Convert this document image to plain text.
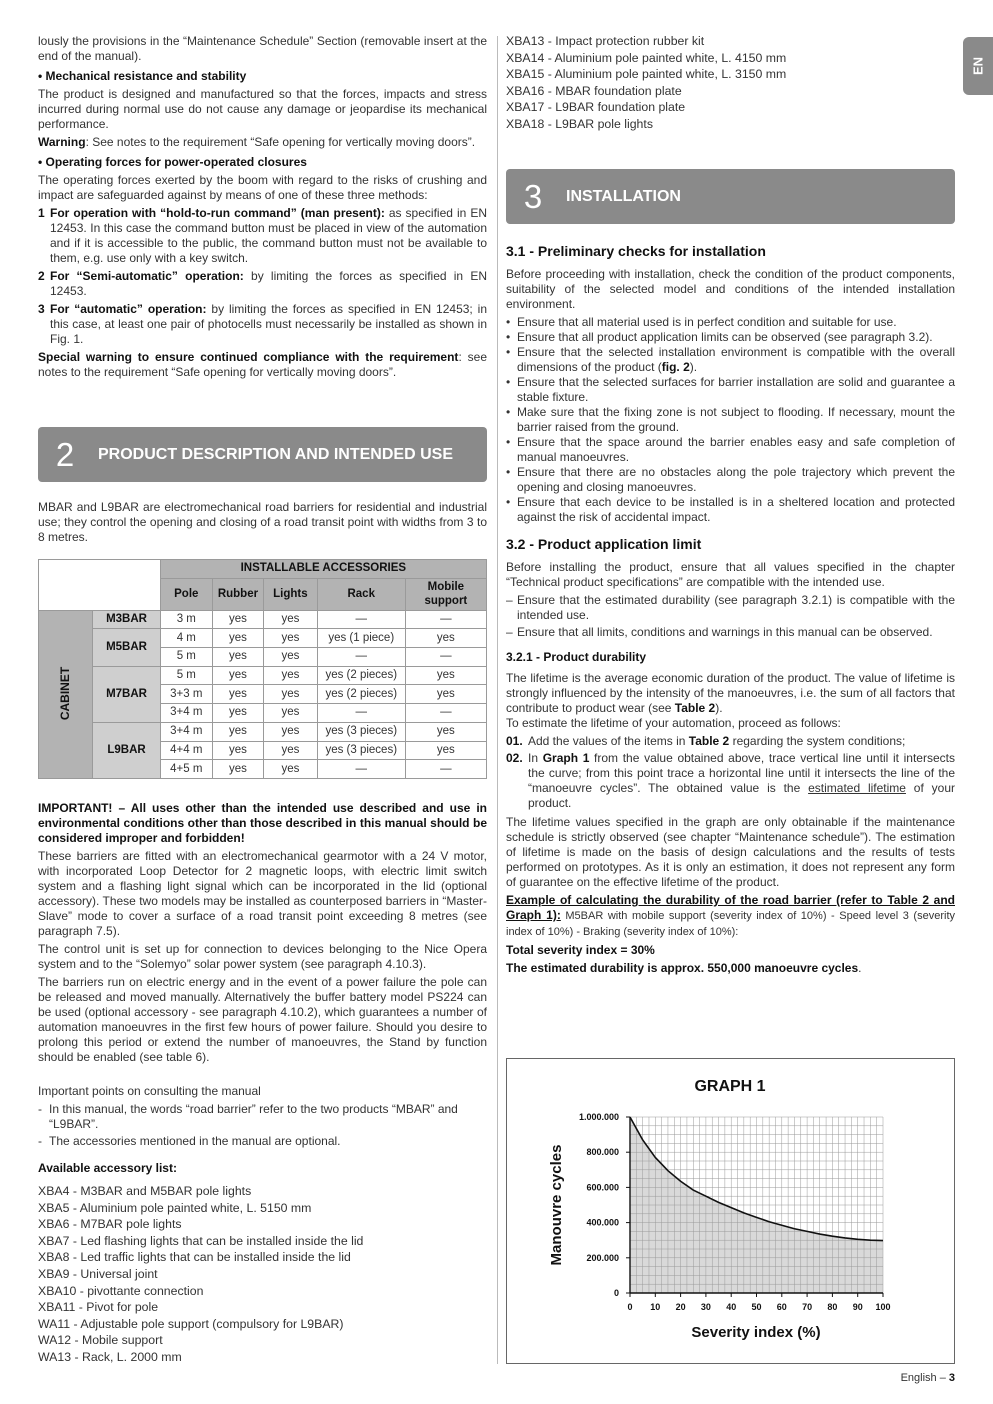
EN

lously the provisions in the “Maintenance Schedule” Section (removable insert at the end of the manual).

• Mechanical resistance and stability

The product is designed and manufactured so that the forces, impacts and stress incurred during normal use do not cause any damage or jeopardise its mechanical performance.

Warning: See notes to the requirement “Safe opening for vertically moving doors”.

• Operating forces for power-operated closures

The operating forces exerted by the boom with regard to the risks of crushing and impact are safeguarded against by means of one of these three methods:

1 For operation with “hold-to-run command” (man present): as specified in EN 12453. In this case the command button must be placed in view of the automation and if it is accessible to the public, the command button must not be available to them, e.g. use only with a key switch.
2 For “Semi-automatic” operation: by limiting the forces as specified in EN 12453.
3 For “automatic” operation: by limiting the forces as specified in EN 12453; in this case, at least one pair of photocells must necessarily be installed as shown in Fig. 1.

Special warning to ensure continued compliance with the requirement: see notes to the requirement “Safe opening for vertically moving doors”.

2	PRODUCT DESCRIPTION AND INTENDED USE

MBAR and L9BAR are electromechanical road barriers for residential and industrial use; they control the opening and closing of a road transit point with widths from 3 to 8 metres.

		INSTALLABLE ACCESSORIES				
		Pole	Rubber	Lights	Rack	Mobile support
CABINET	M3BAR	3 m	yes	yes	—	—
	M5BAR	4 m	yes	yes	yes (1 piece)	yes
		5 m	yes	yes	—	—
	M7BAR	5 m	yes	yes	yes (2 pieces)	yes
		3+3 m	yes	yes	yes (2 pieces)	yes
		3+4 m	yes	yes	—	—
	L9BAR	3+4 m	yes	yes	yes (3 pieces)	yes
		4+4 m	yes	yes	yes (3 pieces)	yes
		4+5 m	yes	yes	—	—

IMPORTANT! – All uses other than the intended use described and use in environmental conditions other than those described in this manual should be considered improper and forbidden!

These barriers are fitted with an electromechanical gearmotor with a 24 V motor, with incorporated Loop Detector for 2 magnetic loops, with electric limit switch system and a flashing light signal which can be incorporated in the lid (optional accessory). These two models may be installed as counterposed barriers in “Master-Slave” mode to cover a surface of a road transit point exceeding 8 metres (see paragraph 7.5).

The control unit is set up for connection to devices belonging to the Nice Opera system and to the “Solemyo” solar power system (see paragraph 4.10.3).

The barriers run on electric energy and in the event of a power failure the pole can be released and moved manually. Alternatively the buffer battery model PS224 can be used (optional accessory - see paragraph 4.10.2), which guarantees a number of automation manoeuvres in the first few hours of power failure. Should you desire to prolong this period or extend the number of manoeuvres, the Stand by function should be enabled (see table 6).

Important points on consulting the manual

- In this manual, the words “road barrier” refer to the two products “MBAR” and “L9BAR”.
- The accessories mentioned in the manual are optional.

Available accessory list:

XBA4 - M3BAR and M5BAR pole lights
XBA5 - Aluminium pole painted white, L. 5150 mm
XBA6 - M7BAR pole lights
XBA7 - Led flashing lights that can be installed inside the lid
XBA8 - Led traffic lights that can be installed inside the lid
XBA9 - Universal joint
XBA10 - pivottante connection
XBA11 - Pivot for pole
WA11 - Adjustable pole support (compulsory for L9BAR)
WA12 - Mobile support
WA13 - Rack, L. 2000 mm
XBA13 - Impact protection rubber kit
XBA14 - Aluminium pole painted white, L. 4150 mm
XBA15 - Aluminium pole painted white, L. 3150 mm
XBA16 - MBAR foundation plate
XBA17 - L9BAR foundation plate
XBA18 - L9BAR pole lights
3	INSTALLATION

3.1 - Preliminary checks for installation

Before proceeding with installation, check the condition of the product components, suitability of the selected model and conditions of the intended installation environment.

• Ensure that all material used is in perfect condition and suitable for use.
• Ensure that all product application limits can be observed (see paragraph 3.2).
• Ensure that the selected installation environment is compatible with the overall dimensions of the product (fig. 2).
• Ensure that the selected surfaces for barrier installation are solid and guarantee a stable fixture.
• Make sure that the fixing zone is not subject to flooding. If necessary, mount the barrier raised from the ground.
• Ensure that the space around the barrier enables easy and safe completion of manual manoeuvres.
• Ensure that there are no obstacles along the pole trajectory which prevent the opening and closing manoeuvres.
• Ensure that each device to be installed is in a sheltered location and protected against the risk of accidental impact.

3.2 - Product application limit

Before installing the product, ensure that all values specified in the chapter “Technical product specifications” are compatible with the intended use.

– Ensure that the estimated durability (see paragraph 3.2.1) is compatible with the intended use.
– Ensure that all limits, conditions and warnings in this manual can be observed.

3.2.1 - Product durability

The lifetime is the average economic duration of the product. The value of lifetime is strongly influenced by the intensity of the manoeuvres, i.e. the sum of all factors that contribute to product wear (see Table 2).

To estimate the lifetime of your automation, proceed as follows:

01. Add the values of the items in Table 2 regarding the system conditions;
02. In Graph 1 from the value obtained above, trace vertical line until it intersects the curve; from this point trace a horizontal line until it intersects the line of the “manoeuvre cycles”. The obtained value is the estimated lifetime of your product.

The lifetime values specified in the graph are only obtainable if the maintenance schedule is strictly observed (see chapter “Maintenance schedule”). The estimation of lifetime is made on the basis of design calculations and the results of tests performed on prototypes. As it is only an estimation, it does not represent any form of guarantee on the effective lifetime of the product.

Example of calculating the durability of the road barrier (refer to Table 2 and Graph 1): M5BAR with mobile support (severity index of 10%) - Speed level 3 (severity index of 10%) - Braking (severity index of 10%):

Total severity index = 30%

The estimated durability is approx. 550,000 manoeuvre cycles.

0 10 20 30 40 50 60 70 80 90 100
0
200.000
400.000
600.000
800.000
1.000.000
GRAPH 1
Severity index (%)
Manouvre cycles
English – 3
